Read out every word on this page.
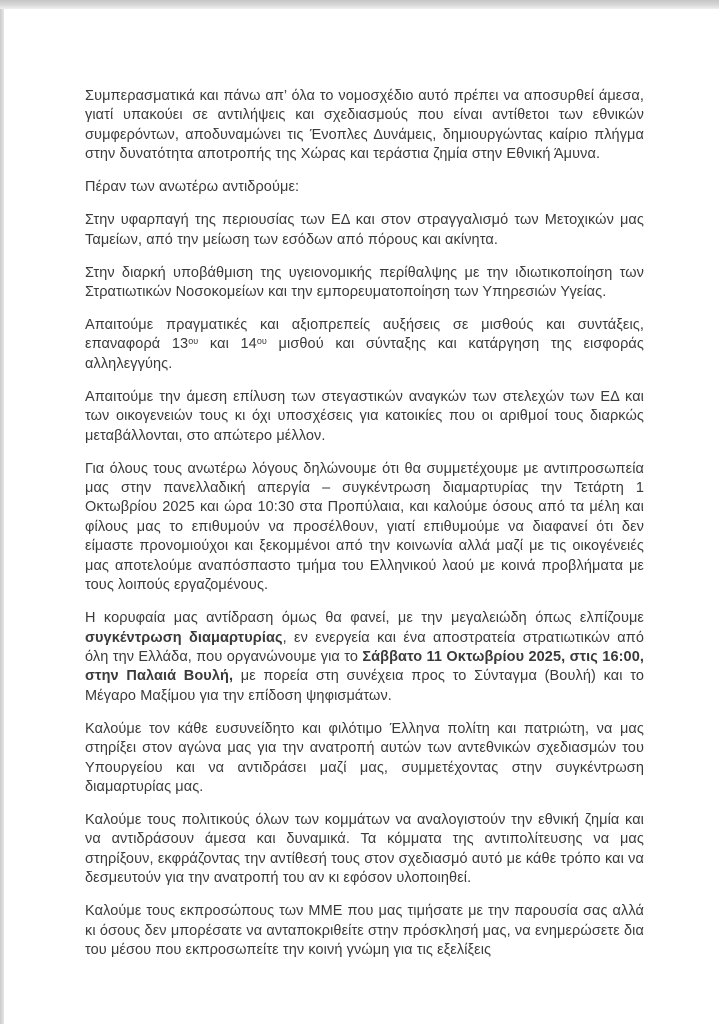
Συμπερασματικά και πάνω απ’ όλα το νομοσχέδιο αυτό πρέπει να αποσυρθεί άμεσα, γιατί υπακούει σε αντιλήψεις και σχεδιασμούς που είναι αντίθετοι των εθνικών συμφερόντων, αποδυναμώνει τις Ένοπλες Δυνάμεις, δημιουργώντας καίριο πλήγμα στην δυνατότητα αποτροπής της Χώρας και τεράστια ζημία στην Εθνική Άμυνα.

Πέραν των ανωτέρω αντιδρούμε:

Στην υφαρπαγή της περιουσίας των ΕΔ και στον στραγγαλισμό των Μετοχικών μας Ταμείων, από την μείωση των εσόδων από πόρους και ακίνητα.

Στην διαρκή υποβάθμιση της υγειονομικής περίθαλψης με την ιδιωτικοποίηση των Στρατιωτικών Νοσοκομείων και την εμπορευματοποίηση των Υπηρεσιών Υγείας.

Απαιτούμε πραγματικές και αξιοπρεπείς αυξήσεις σε μισθούς και συντάξεις, επαναφορά $13^{o\upsilon}$ και $14^{o\upsilon}$ μισθού και σύνταξης και κατάργηση της εισφοράς αλληλεγγύης.

Απαιτούμε την άμεση επίλυση των στεγαστικών αναγκών των στελεχών των ΕΔ και των οικογενειών τους κι όχι υποσχέσεις για κατοικίες που οι αριθμοί τους διαρκώς μεταβάλλονται, στο απώτερο μέλλον.

Για όλους τους ανωτέρω λόγους δηλώνουμε ότι θα συμμετέχουμε με αντιπροσωπεία μας στην πανελλαδική απεργία – συγκέντρωση διαμαρτυρίας την Τετάρτη 1 Οκτωβρίου 2025 και ώρα 10:30 στα Προπύλαια, και καλούμε όσους από τα μέλη και φίλους μας το επιθυμούν να προσέλθουν, γιατί επιθυμούμε να διαφανεί ότι δεν είμαστε προνομιούχοι και ξεκομμένοι από την κοινωνία αλλά μαζί με τις οικογένειές μας αποτελούμε αναπόσπαστο τμήμα του Ελληνικού λαού με κοινά προβλήματα με τους λοιπούς εργαζομένους.

Η κορυφαία μας αντίδραση όμως θα φανεί, με την μεγαλειώδη όπως ελπίζουμε συγκέντρωση διαμαρτυρίας, εν ενεργεία και ένα αποστρατεία στρατιωτικών από όλη την Ελλάδα, που οργανώνουμε για το Σάββατο 11 Οκτωβρίου 2025, στις 16:00, στην Παλαιά Βουλή, με πορεία στη συνέχεια προς το Σύνταγμα (Βουλή) και το Μέγαρο Μαξίμου για την επίδοση ψηφισμάτων.

Καλούμε τον κάθε ευσυνείδητο και φιλότιμο Έλληνα πολίτη και πατριώτη, να μας στηρίξει στον αγώνα μας για την ανατροπή αυτών των αντεθνικών σχεδιασμών του Υπουργείου και να αντιδράσει μαζί μας, συμμετέχοντας στην συγκέντρωση διαμαρτυρίας μας.

Καλούμε τους πολιτικούς όλων των κομμάτων να αναλογιστούν την εθνική ζημία και να αντιδράσουν άμεσα και δυναμικά. Τα κόμματα της αντιπολίτευσης να μας στηρίξουν, εκφράζοντας την αντίθεσή τους στον σχεδιασμό αυτό με κάθε τρόπο και να δεσμευτούν για την ανατροπή του αν κι εφόσον υλοποιηθεί.

Καλούμε τους εκπροσώπους των ΜΜΕ που μας τιμήσατε με την παρουσία σας αλλά κι όσους δεν μπορέσατε να ανταποκριθείτε στην πρόσκλησή μας, να ενημερώσετε δια του μέσου που εκπροσωπείτε την κοινή γνώμη για τις εξελίξεις
